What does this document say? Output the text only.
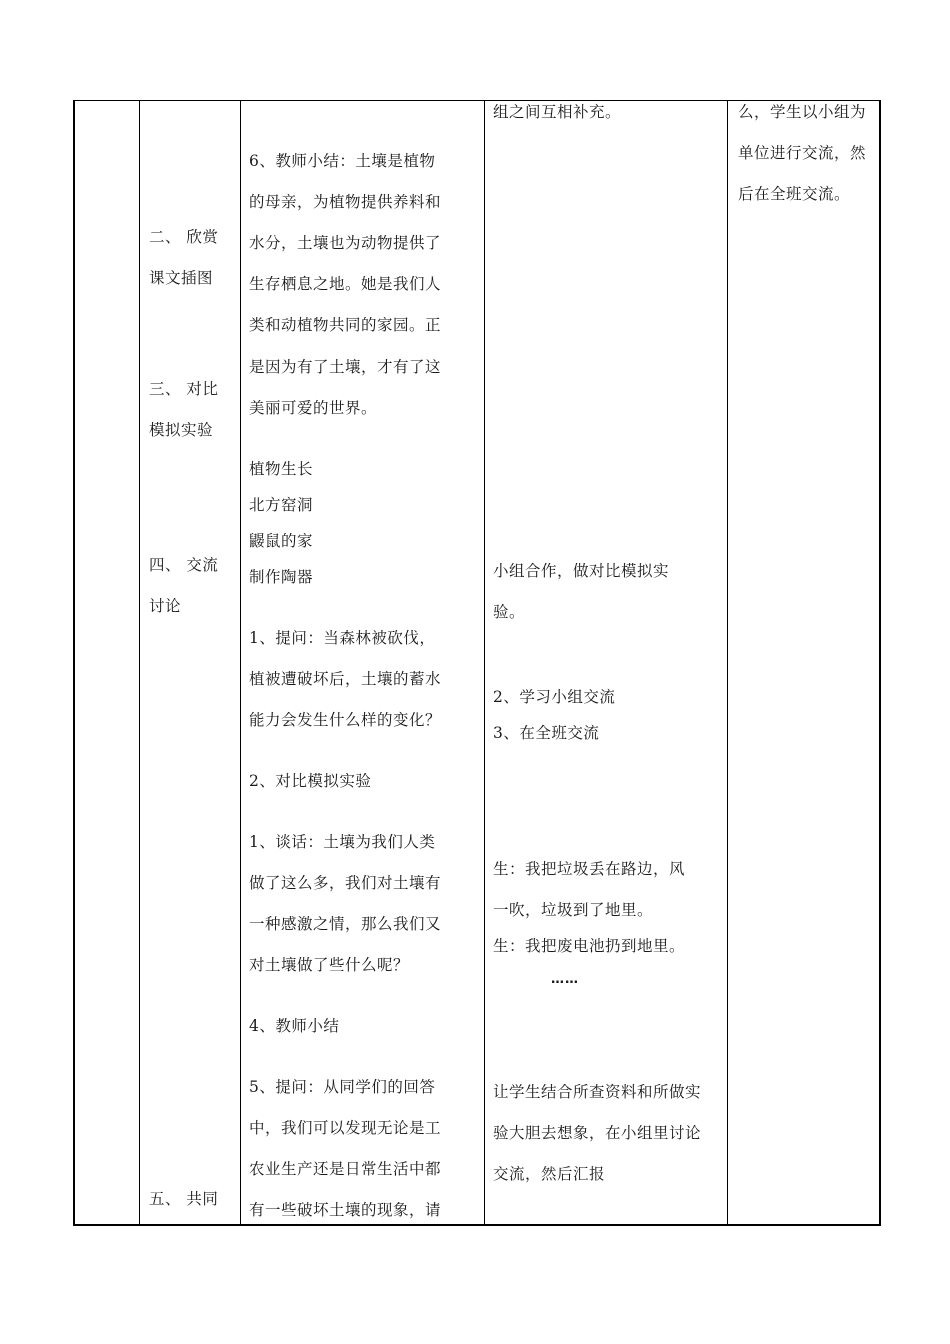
二、 欣赏
课文插图
三、 对比
模拟实验
四、 交流
讨论
五、 共同
6、教师小结：土壤是植物
的母亲，为植物提供养料和
水分，土壤也为动物提供了
生存栖息之地。她是我们人
类和动植物共同的家园。正
是因为有了土壤，才有了这
美丽可爱的世界。
植物生长
北方窑洞
鼹鼠的家
制作陶器
1、提问：当森林被砍伐，
植被遭破坏后，土壤的蓄水
能力会发生什么样的变化？
2、对比模拟实验
1、谈话：土壤为我们人类
做了这么多，我们对土壤有
一种感激之情，那么我们又
对土壤做了些什么呢？
4、教师小结
5、提问：从同学们的回答
中，我们可以发现无论是工
农业生产还是日常生活中都
有一些破坏土壤的现象，请
组之间互相补充。
小组合作，做对比模拟实
验。
2、学习小组交流
3、在全班交流
生：我把垃圾丢在路边，风
一吹，垃圾到了地里。
生：我把废电池扔到地里。
……
让学生结合所查资料和所做实
验大胆去想象，在小组里讨论
交流，然后汇报
么，学生以小组为
单位进行交流，然
后在全班交流。
